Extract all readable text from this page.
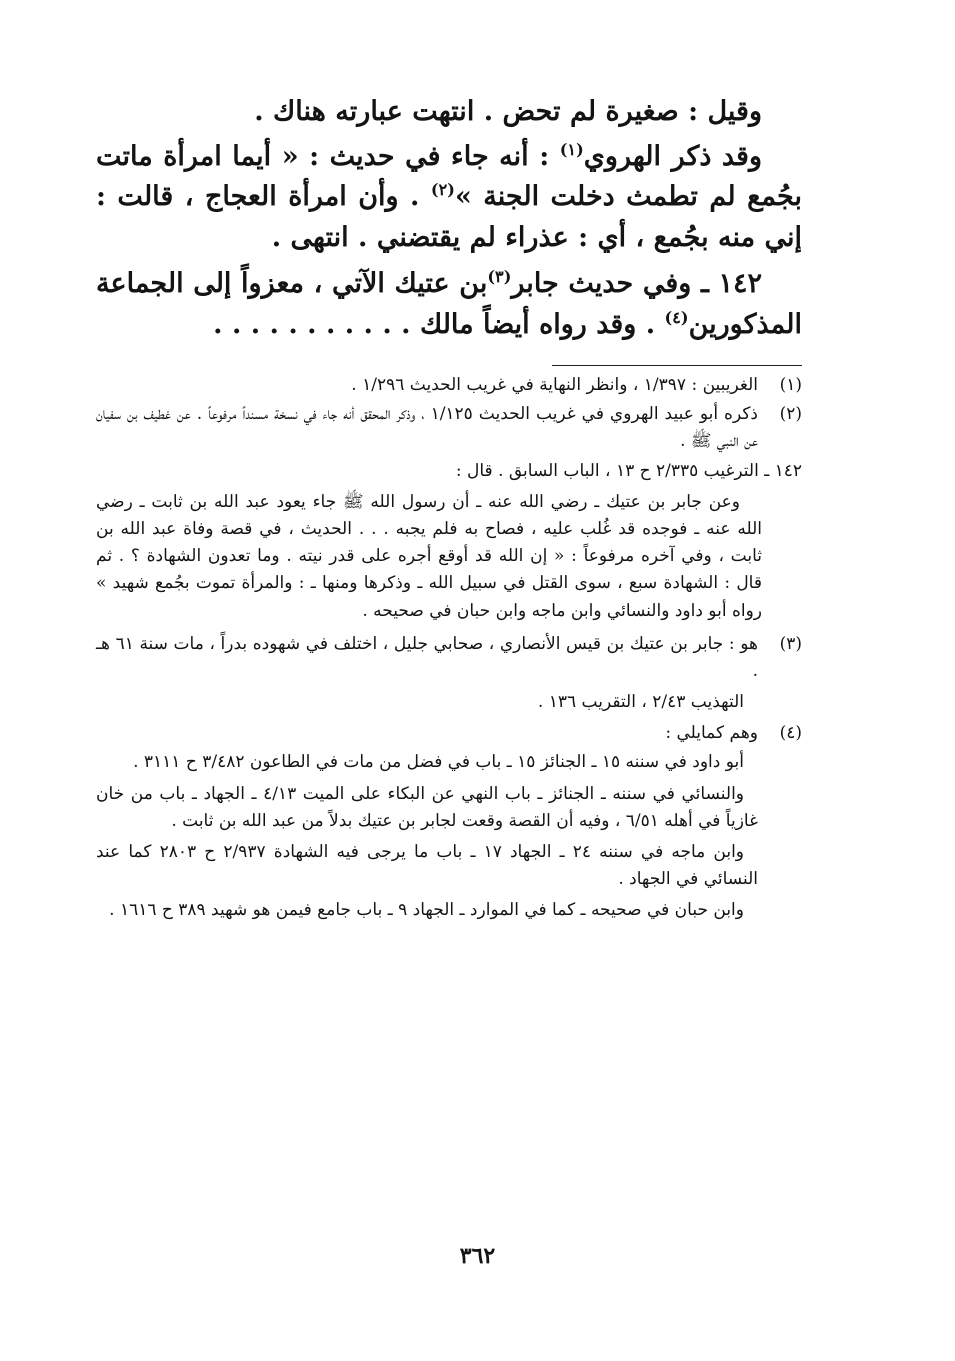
وقيل : صغيرة لم تحض . انتهت عبارته هناك .

وقد ذكر الهروي$^{(١)}$ : أنه جاء في حديث : « أيما امرأة ماتت بجُمع لم تطمث دخلت الجنة »$^{(٢)}$ . وأن امرأة العجاج ، قالت : إني منه بجُمع ، أي : عذراء لم يقتضني . انتهى .

١٤٢ ـ وفي حديث جابر$^{(٣)}$بن عتيك الآتي ، معزواً إلى الجماعة المذكورين$^{(٤)}$ . وقد رواه أيضاً مالك . . . . . . . . . . .

(١)
الغريبين : ١/٣٩٧ ، وانظر النهاية في غريب الحديث ١/٢٩٦ .
(٢)
ذكره أبو عبيد الهروي في غريب الحديث ١/١٢٥ ، وذكر المحقق أنه جاء في نسخة مسنداً مرفوعاً . عن غطيف بن سفيان عن النبي ﷺ .
١٤٢ ـ الترغيب ٢/٣٣٥ ح ١٣ ، الباب السابق . قال :
وعن جابر بن عتيك ـ رضي الله عنه ـ أن رسول الله ﷺ جاء يعود عبد الله بن ثابت ـ رضي الله عنه ـ فوجده قد غُلب عليه ، فصاح به فلم يجبه . . . الحديث ، في قصة وفاة عبد الله بن ثابت ، وفي آخره مرفوعاً : « إن الله قد أوقع أجره على قدر نيته . وما تعدون الشهادة ؟ . ثم قال : الشهادة سبع ، سوى القتل في سبيل الله ـ وذكرها ومنها ـ : والمرأة تموت بجُمع شهيد » رواه أبو داود والنسائي وابن ماجه وابن حبان في صحيحه .
(٣)
هو : جابر بن عتيك بن قيس الأنصاري ، صحابي جليل ، اختلف في شهوده بدراً ، مات سنة ٦١ هـ .
التهذيب ٢/٤٣ ، التقريب ١٣٦ .
(٤)
وهم كمايلي :
أبو داود في سننه ١٥ ـ الجنائز ١٥ ـ باب في فضل من مات في الطاعون ٣/٤٨٢ ح ٣١١١ .
والنسائي في سننه ـ الجنائز ـ باب النهي عن البكاء على الميت ٤/١٣ ـ الجهاد ـ باب من خان غازياً في أهله ٦/٥١ ، وفيه أن القصة وقعت لجابر بن عتيك بدلاً من عبد الله بن ثابت .
وابن ماجه في سننه ٢٤ ـ الجهاد ١٧ ـ باب ما يرجى فيه الشهادة ٢/٩٣٧ ح ٢٨٠٣ كما عند النسائي في الجهاد .
وابن حبان في صحيحه ـ كما في الموارد ـ الجهاد ٩ ـ باب جامع فيمن هو شهيد ٣٨٩ ح ١٦١٦ .
٣٦٢
